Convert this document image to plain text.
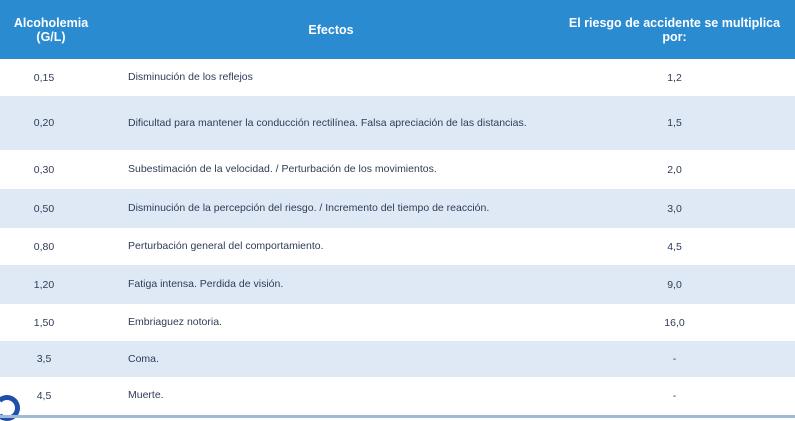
Alcoholemia (G/L)	Efectos	El riesgo de accidente se multiplica por:
0,15	Disminución de los reflejos	1,2
0,20	Dificultad para mantener la conducción rectilínea. Falsa apreciación de las distancias.	1,5
0,30	Subestimación de la velocidad. / Perturbación de los movimientos.	2,0
0,50	Disminución de la percepción del riesgo. / Incremento del tiempo de reacción.	3,0
0,80	Perturbación general del comportamiento.	4,5
1,20	Fatiga intensa. Perdida de visión.	9,0
1,50	Embriaguez notoria.	16,0
3,5	Coma.	-
4,5	Muerte.	-
